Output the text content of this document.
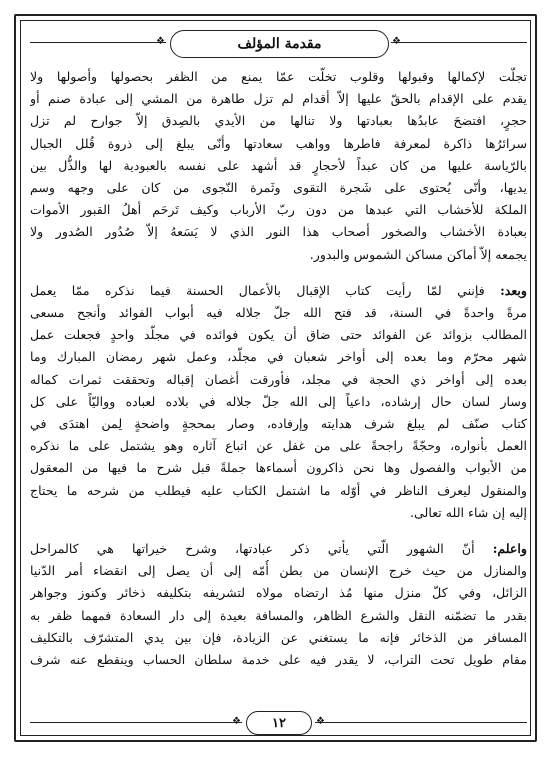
❖	❖
مقدمة المؤلف
تجلّت لإكمالها وقبولها وقلوب تخلّت عمّا يمنع من الظفر بحصولها وأصولها ولا
يقدم على الإقدام بالحقّ عليها إلاّ أقدام لم تزل طاهرة من المشي إلى عبادة صنم أو
حجرٍ، افتضحَ عابدُها بعبادتها ولا تنالها من الأيدي بالصِدق إلاّ جوارح لم تزل
سرائرُها ذاكرة لمعرفة فاطرها وواهب سعادتها وأنّى يبلغ إلى ذروة قُلل الجبال
بالرّياسة عليها من كان عبداً لأحجارٍ قد أشهد على نفسه بالعبودية لها والذُّل بين
يديها، وأنّى يُحتوى على شَجرة التقوى وثَمرة النّجوى من كان على وجهه وسم
الملكة للأخشاب التي عبدها من دون ربّ الأرباب وكيف تَرحَم أهلُ القبور الأموات
بعبادة الأخشاب والصخور أصحاب هذا النور الذي لا يَسَعهُ إلاّ صُدُور الصُدور ولا
يجمعه إلاّ أماكن مساكن الشموس والبدور.
وبعد: فإنني لمّا رأيت كتاب الإقبال بالأعمال الحسنة فيما نذكره ممّا يعمل
مرةً واحدةً في السنة، قد فتح الله جلّ جلاله فيه أبواب الفوائد وأنجح مسعى
المطالب بزوائد عن الفوائد حتى ضاق أن يكون فوائده في مجلّد واحدٍ فجعلت عمل
شهر محرّم وما بعده إلى أواخر شعبان في مجلّد، وعمل شهر رمضان المبارك وما
بعده إلى أواخر ذي الحجة في مجلد، فأورقت أغصان إقباله وتحققت ثمرات كماله
وسار لسان حال إرشاده، داعياً إلى الله جلّ جلاله في بلاده لعباده وواليّاً على كل
كتاب صنّف لم يبلغ شرف هدايته وإرفاده، وصار بمحجةٍ واضحةٍ لِمن اهتدَى في
العمل بأنواره، وحجّةً راجحةً على من غفل عن اتباع آثاره وهو يشتمل على ما نذكره
من الأبواب والفصول وها نحن ذاكرون أسماءها جملةً قبل شرح ما فيها من المعقول
والمنقول ليعرف الناظر في أوّله ما اشتمل الكتاب عليه فيطلب من شرحه ما يحتاج
إليه إن شاء الله تعالى.
واعلم: أنّ الشهور الّتي يأتي ذكر عبادتها، وشرح خيراتها هي كالمراحل
والمنازل من حيث خرج الإنسان من بطن أُمّه إلى أن يصل إلى انقضاء أمر الدّنيا
الزائل، وفي كلّ منزل منها مُذ ارتضاه مولاه لتشريفه بتكليفه ذخائر وكنوز وجواهر
بقدر ما تضمّنه النقل والشرع الظاهر، والمسافة بعيدة إلى دار السعادة فمهما ظفر به
المسافر من الذخائر فإنه ما يستغني عن الزيادة، فإن بين يدي المتشرّف بالتكليف
مقام طويل تحت التراب، لا يقدر فيه على خدمة سلطان الحساب وينقطع عنه شرف
❖	❖
١٢
